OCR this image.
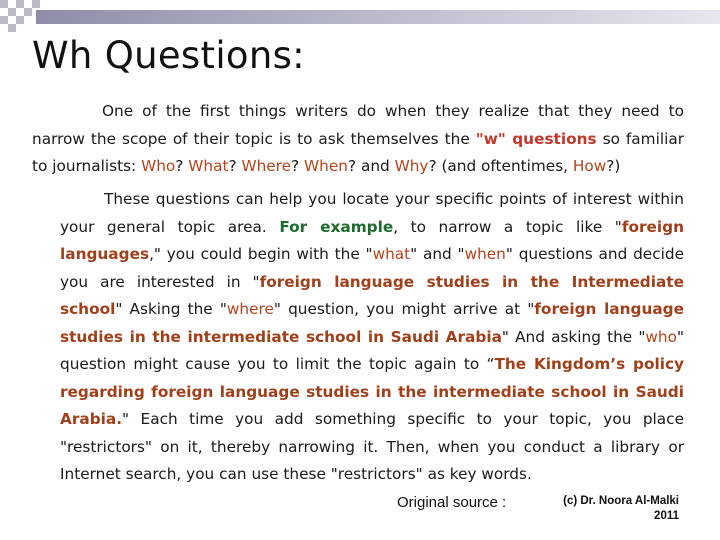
Wh Questions:
One of the first things writers do when they realize that they need to narrow the scope of their topic is to ask themselves the "w" questions so familiar to journalists: Who? What? Where? When? and Why? (and oftentimes, How?)
These questions can help you locate your specific points of interest within your general topic area. For example, to narrow a topic like "foreign languages," you could begin with the "what" and "when" questions and decide you are interested in "foreign language studies in the Intermediate school" Asking the "where" question, you might arrive at "foreign language studies in the intermediate school in Saudi Arabia" And asking the "who" question might cause you to limit the topic again to “The Kingdom’s policy regarding foreign language studies in the intermediate school in Saudi Arabia." Each time you add something specific to your topic, you place "restrictors" on it, thereby narrowing it. Then, when you conduct a library or Internet search, you can use these "restrictors" as key words.
Original source :	(c) Dr. Noora Al-Malki
2011
